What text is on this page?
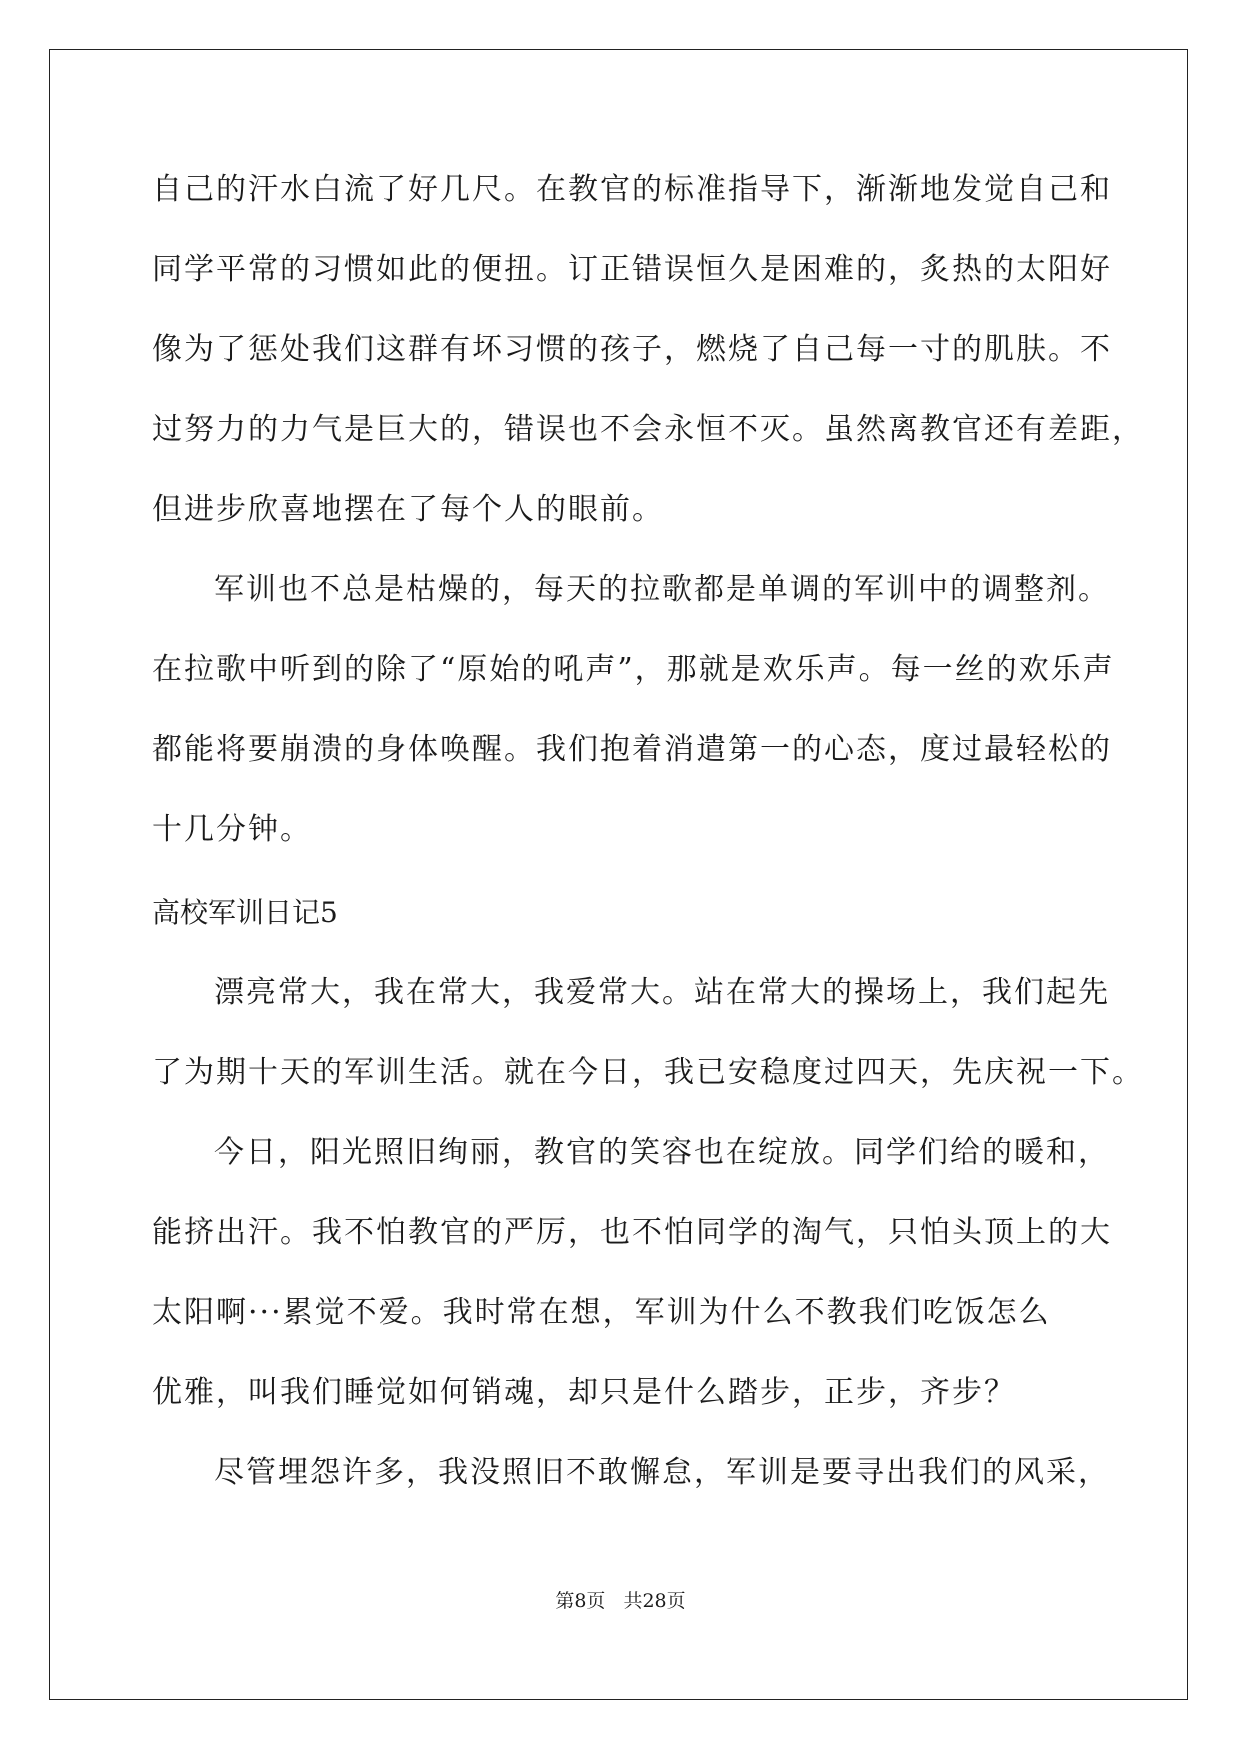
自己的汗水白流了好几尺。在教官的标准指导下，渐渐地发觉自己和
同学平常的习惯如此的便扭。订正错误恒久是困难的，炙热的太阳好
像为了惩处我们这群有坏习惯的孩子，燃烧了自己每一寸的肌肤。不
过努力的力气是巨大的，错误也不会永恒不灭。虽然离教官还有差距，
但进步欣喜地摆在了每个人的眼前。
军训也不总是枯燥的，每天的拉歌都是单调的军训中的调整剂。
在拉歌中听到的除了“原始的吼声”，那就是欢乐声。每一丝的欢乐声
都能将要崩溃的身体唤醒。我们抱着消遣第一的心态，度过最轻松的
十几分钟。
高校军训日记5
漂亮常大，我在常大，我爱常大。站在常大的操场上，我们起先
了为期十天的军训生活。就在今日，我已安稳度过四天，先庆祝一下。
今日，阳光照旧绚丽，教官的笑容也在绽放。同学们给的暖和，
能挤出汗。我不怕教官的严厉，也不怕同学的淘气，只怕头顶上的大
太阳啊···累觉不爱。我时常在想，军训为什么不教我们吃饭怎么
优雅，叫我们睡觉如何销魂，却只是什么踏步，正步，齐步？
尽管埋怨许多，我没照旧不敢懈怠，军训是要寻出我们的风采，
第8页 共28页
